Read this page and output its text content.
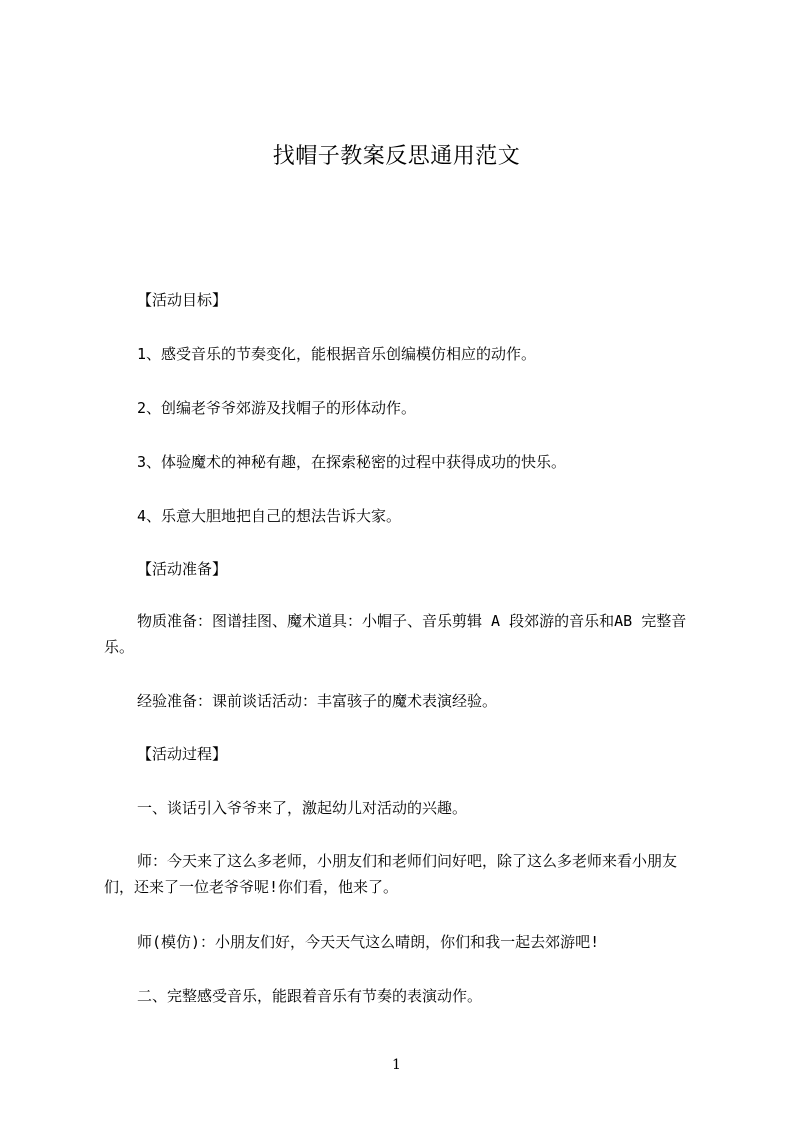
找帽子教案反思通用范文

【活动目标】

1、感受音乐的节奏变化，能根据音乐创编模仿相应的动作。

2、创编老爷爷郊游及找帽子的形体动作。

3、体验魔术的神秘有趣，在探索秘密的过程中获得成功的快乐。

4、乐意大胆地把自己的想法告诉大家。

【活动准备】

物质准备：图谱挂图、魔术道具：小帽子、音乐剪辑 A 段郊游的音乐和AB 完整音乐。

经验准备：课前谈话活动：丰富骇子的魔术表演经验。

【活动过程】

一、谈话引入爷爷来了，激起幼儿对活动的兴趣。

师：今天来了这么多老师，小朋友们和老师们问好吧，除了这么多老师来看小朋友们，还来了一位老爷爷呢!你们看，他来了。

师(模仿)：小朋友们好，今天天气这么晴朗，你们和我一起去郊游吧!

二、完整感受音乐，能跟着音乐有节奏的表演动作。

1
